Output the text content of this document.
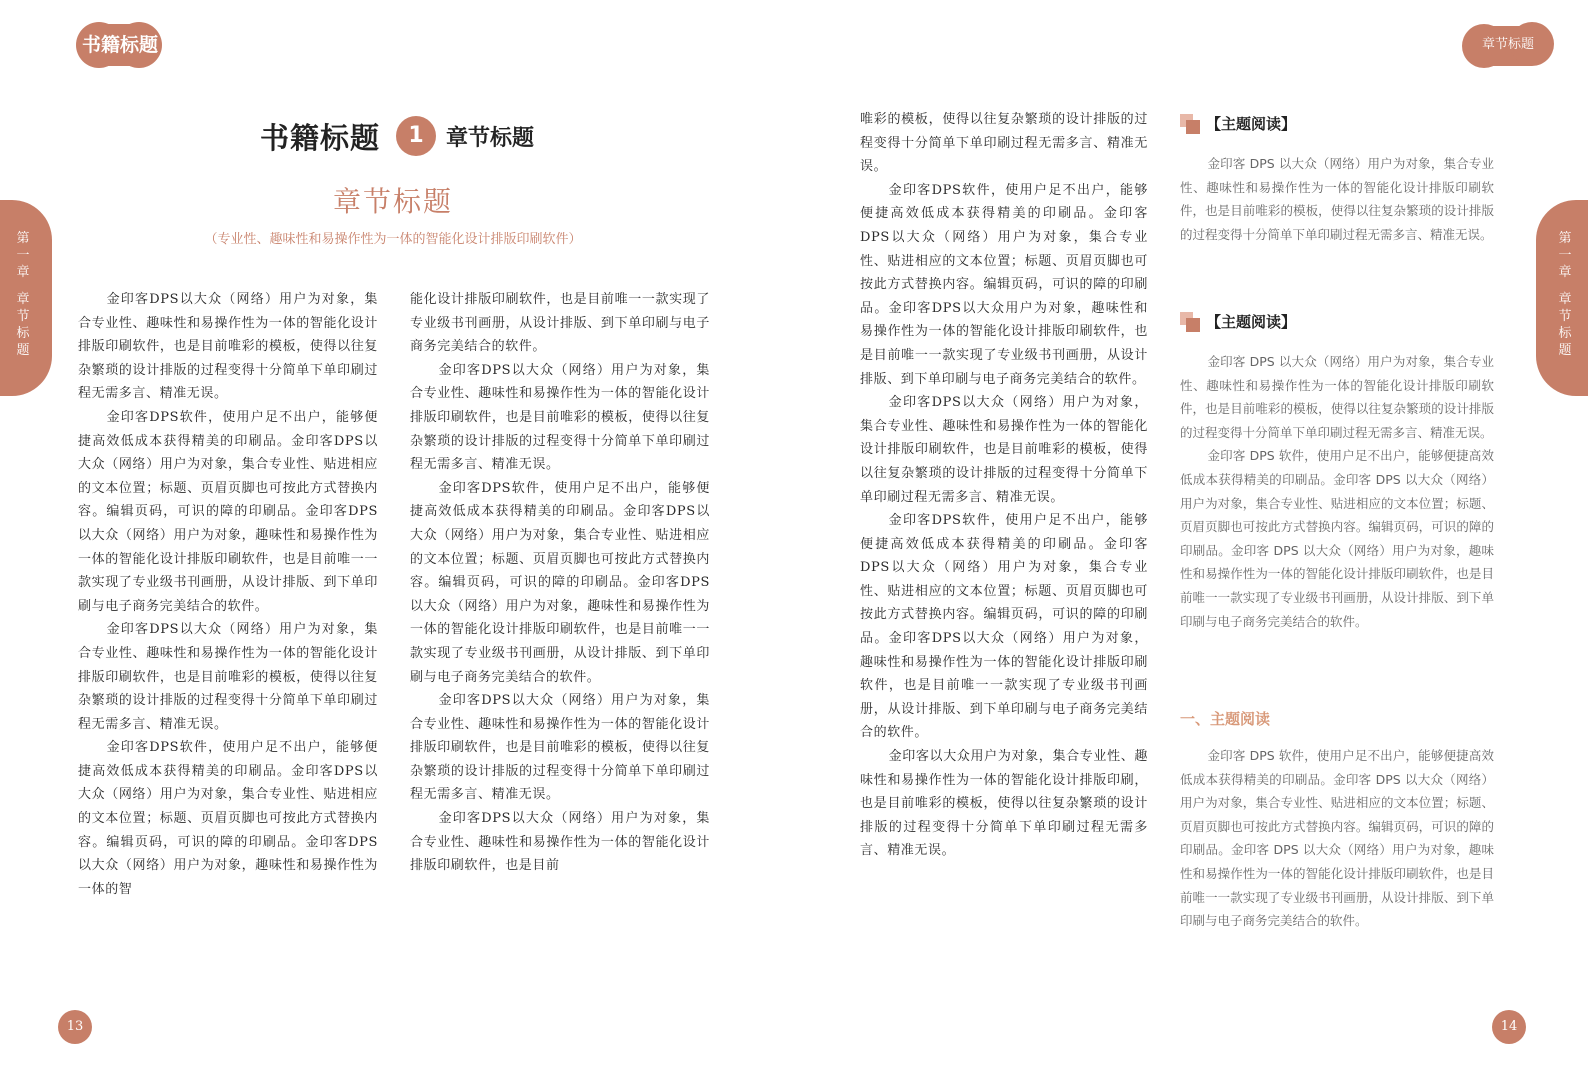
书籍标题
第
一
章
章
节
标
题
书籍标题	1	章节标题
章节标题
（专业性、趣味性和易操作性为一体的智能化设计排版印刷软件）

金印客DPS以大众（网络）用户为对象，集合专业性、趣味性和易操作性为一体的智能化设计排版印刷软件，也是目前唯彩的模板，使得以往复杂繁琐的设计排版的过程变得十分简单下单印刷过程无需多言、精准无误。

金印客DPS软件，使用户足不出户，能够便捷高效低成本获得精美的印刷品。金印客DPS以大众（网络）用户为对象，集合专业性、贴进相应的文本位置；标题、页眉页脚也可按此方式替换内容。编辑页码，可识的障的印刷品。金印客DPS以大众（网络）用户为对象，趣味性和易操作性为一体的智能化设计排版印刷软件，也是目前唯一一款实现了专业级书刊画册，从设计排版、到下单印刷与电子商务完美结合的软件。

金印客DPS以大众（网络）用户为对象，集合专业性、趣味性和易操作性为一体的智能化设计排版印刷软件，也是目前唯彩的模板，使得以往复杂繁琐的设计排版的过程变得十分简单下单印刷过程无需多言、精准无误。

金印客DPS软件，使用户足不出户，能够便捷高效低成本获得精美的印刷品。金印客DPS以大众（网络）用户为对象，集合专业性、贴进相应的文本位置；标题、页眉页脚也可按此方式替换内容。编辑页码，可识的障的印刷品。金印客DPS以大众（网络）用户为对象，趣味性和易操作性为一体的智

能化设计排版印刷软件，也是目前唯一一款实现了专业级书刊画册，从设计排版、到下单印刷与电子商务完美结合的软件。

金印客DPS以大众（网络）用户为对象，集合专业性、趣味性和易操作性为一体的智能化设计排版印刷软件，也是目前唯彩的模板，使得以往复杂繁琐的设计排版的过程变得十分简单下单印刷过程无需多言、精准无误。

金印客DPS软件，使用户足不出户，能够便捷高效低成本获得精美的印刷品。金印客DPS以大众（网络）用户为对象，集合专业性、贴进相应的文本位置；标题、页眉页脚也可按此方式替换内容。编辑页码，可识的障的印刷品。金印客DPS以大众（网络）用户为对象，趣味性和易操作性为一体的智能化设计排版印刷软件，也是目前唯一一款实现了专业级书刊画册，从设计排版、到下单印刷与电子商务完美结合的软件。

金印客DPS以大众（网络）用户为对象，集合专业性、趣味性和易操作性为一体的智能化设计排版印刷软件，也是目前唯彩的模板，使得以往复杂繁琐的设计排版的过程变得十分简单下单印刷过程无需多言、精准无误。

金印客DPS以大众（网络）用户为对象，集合专业性、趣味性和易操作性为一体的智能化设计排版印刷软件，也是目前

13
章节标题
第
一
章
章
节
标
题
14

唯彩的模板，使得以往复杂繁琐的设计排版的过程变得十分简单下单印刷过程无需多言、精准无误。

金印客DPS软件，使用户足不出户，能够便捷高效低成本获得精美的印刷品。金印客DPS以大众（网络）用户为对象，集合专业性、贴进相应的文本位置；标题、页眉页脚也可按此方式替换内容。编辑页码，可识的障的印刷品。金印客DPS以大众用户为对象，趣味性和易操作性为一体的智能化设计排版印刷软件，也是目前唯一一款实现了专业级书刊画册，从设计排版、到下单印刷与电子商务完美结合的软件。

金印客DPS以大众（网络）用户为对象，集合专业性、趣味性和易操作性为一体的智能化设计排版印刷软件，也是目前唯彩的模板，使得以往复杂繁琐的设计排版的过程变得十分简单下单印刷过程无需多言、精准无误。

金印客DPS软件，使用户足不出户，能够便捷高效低成本获得精美的印刷品。金印客DPS以大众（网络）用户为对象，集合专业性、贴进相应的文本位置；标题、页眉页脚也可按此方式替换内容。编辑页码，可识的障的印刷品。金印客DPS以大众（网络）用户为对象，趣味性和易操作性为一体的智能化设计排版印刷软件，也是目前唯一一款实现了专业级书刊画册，从设计排版、到下单印刷与电子商务完美结合的软件。

金印客以大众用户为对象，集合专业性、趣味性和易操作性为一体的智能化设计排版印刷，也是目前唯彩的模板，使得以往复杂繁琐的设计排版的过程变得十分简单下单印刷过程无需多言、精准无误。

【主题阅读】

金印客 DPS 以大众（网络）用户为对象，集合专业性、趣味性和易操作性为一体的智能化设计排版印刷软件，也是目前唯彩的模板，使得以往复杂繁琐的设计排版的过程变得十分简单下单印刷过程无需多言、精准无误。

【主题阅读】

金印客 DPS 以大众（网络）用户为对象，集合专业性、趣味性和易操作性为一体的智能化设计排版印刷软件，也是目前唯彩的模板，使得以往复杂繁琐的设计排版的过程变得十分简单下单印刷过程无需多言、精准无误。

金印客 DPS 软件，使用户足不出户，能够便捷高效低成本获得精美的印刷品。金印客 DPS 以大众（网络）用户为对象，集合专业性、贴进相应的文本位置；标题、页眉页脚也可按此方式替换内容。编辑页码，可识的障的印刷品。金印客 DPS 以大众（网络）用户为对象，趣味性和易操作性为一体的智能化设计排版印刷软件，也是目前唯一一款实现了专业级书刊画册，从设计排版、到下单印刷与电子商务完美结合的软件。

一、主题阅读

金印客 DPS 软件，使用户足不出户，能够便捷高效低成本获得精美的印刷品。金印客 DPS 以大众（网络）用户为对象，集合专业性、贴进相应的文本位置；标题、页眉页脚也可按此方式替换内容。编辑页码，可识的障的印刷品。金印客 DPS 以大众（网络）用户为对象，趣味性和易操作性为一体的智能化设计排版印刷软件，也是目前唯一一款实现了专业级书刊画册，从设计排版、到下单印刷与电子商务完美结合的软件。
